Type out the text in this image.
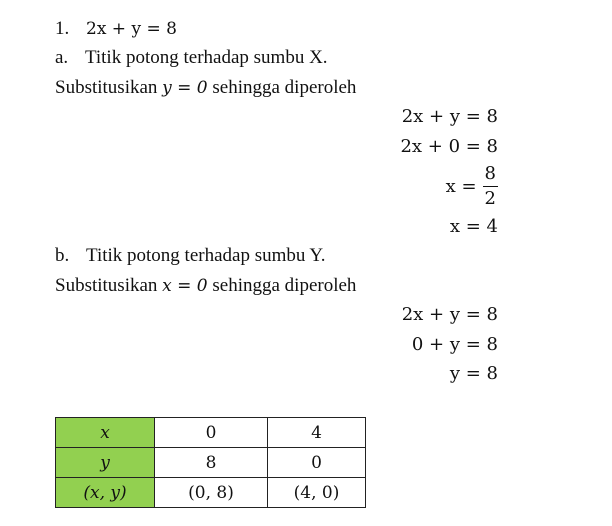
1. 2x + y = 8
a. Titik potong terhadap sumbu X.
Substitusikan y = 0 sehingga diperoleh
2x + y = 8
2x + 0 = 8
$x = \frac{8}{2}$
x = 4
b. Titik potong terhadap sumbu Y.
Substitusikan x = 0 sehingga diperoleh
2x + y = 8
0 + y = 8
y = 8
x	0	4
y	8	0
(x, y)	(0, 8)	(4, 0)
